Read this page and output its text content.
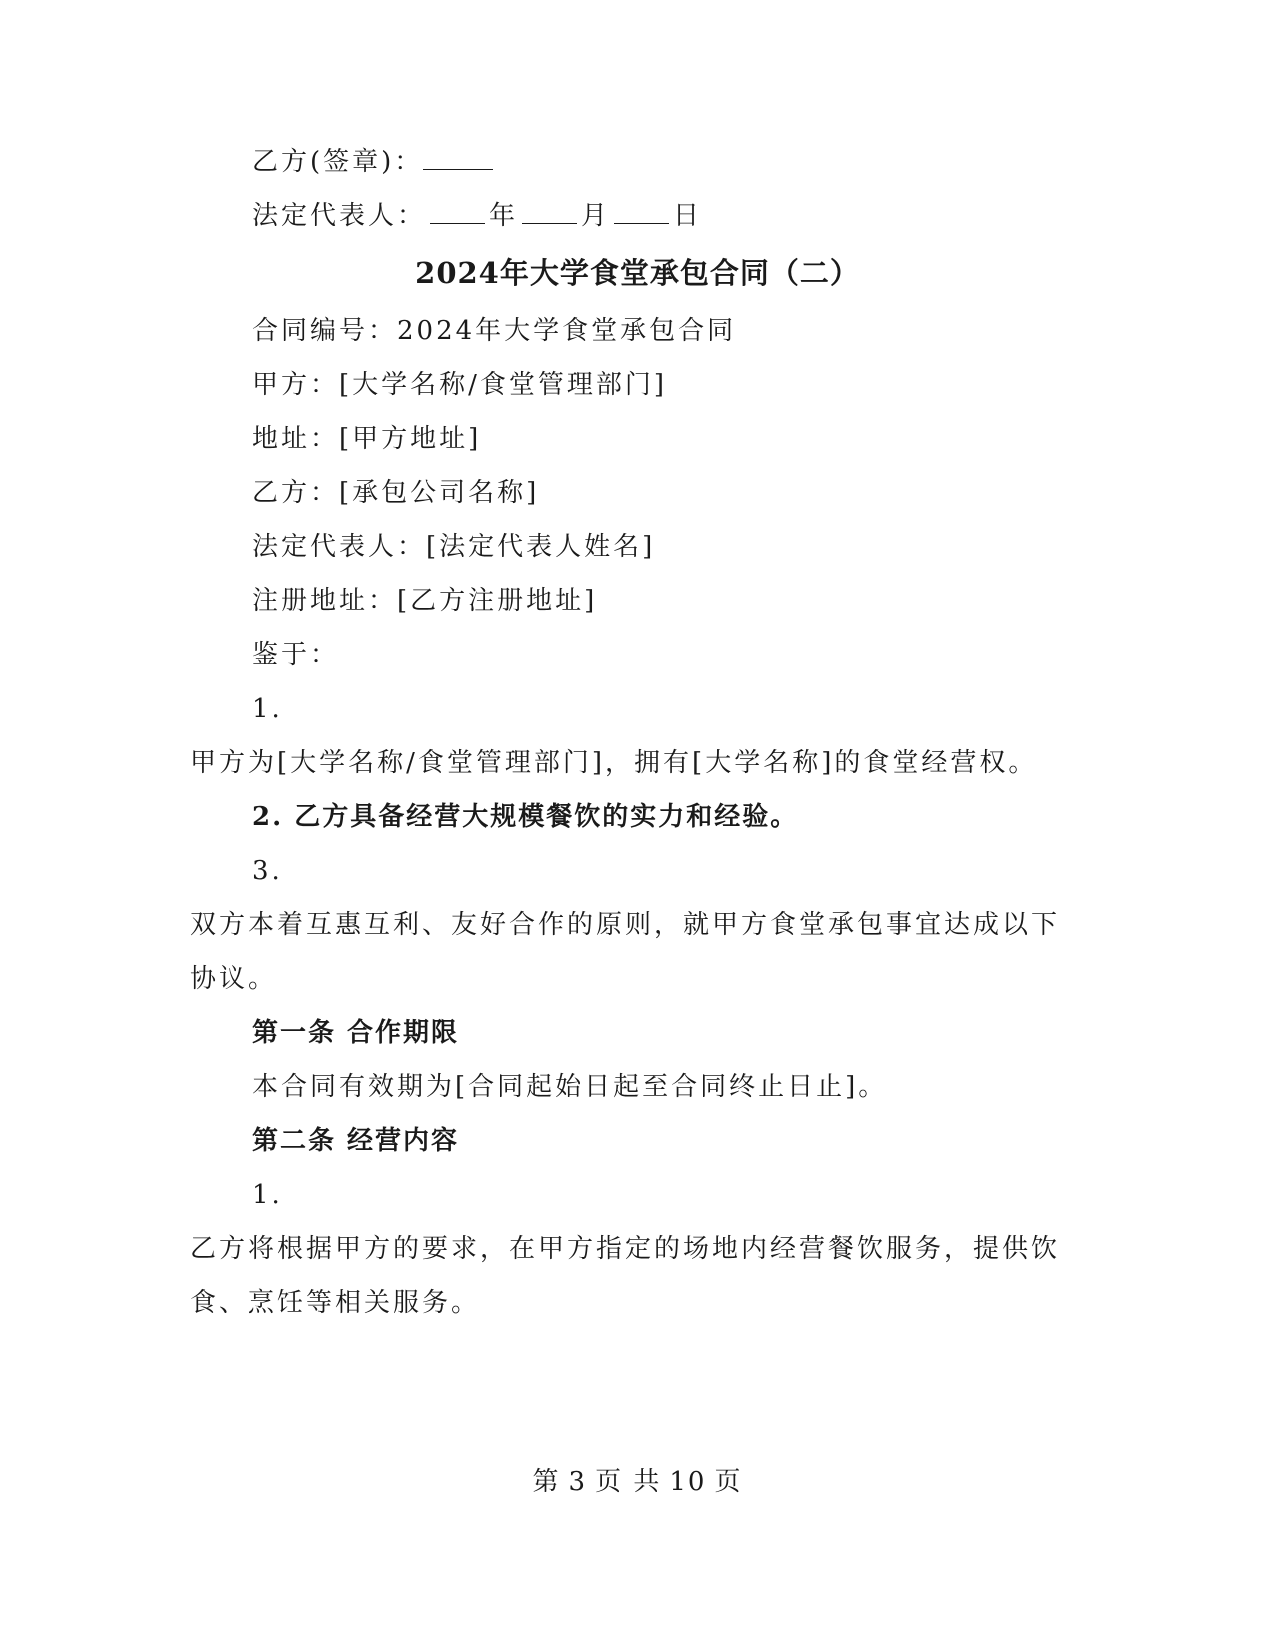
乙方(签章)：
法定代表人： 年 月 日
2024年大学食堂承包合同（二）
合同编号：2024年大学食堂承包合同
甲方：[大学名称/食堂管理部门]
地址：[甲方地址]
乙方：[承包公司名称]
法定代表人：[法定代表人姓名]
注册地址：[乙方注册地址]
鉴于：
1.
甲方为[大学名称/食堂管理部门]，拥有[大学名称]的食堂经营权。
2. 乙方具备经营大规模餐饮的实力和经验。
3.
双方本着互惠互利、友好合作的原则，就甲方食堂承包事宜达成以下
协议。
第一条 合作期限
本合同有效期为[合同起始日起至合同终止日止]。
第二条 经营内容
1.
乙方将根据甲方的要求，在甲方指定的场地内经营餐饮服务，提供饮
食、烹饪等相关服务。
第 3 页 共 10 页
